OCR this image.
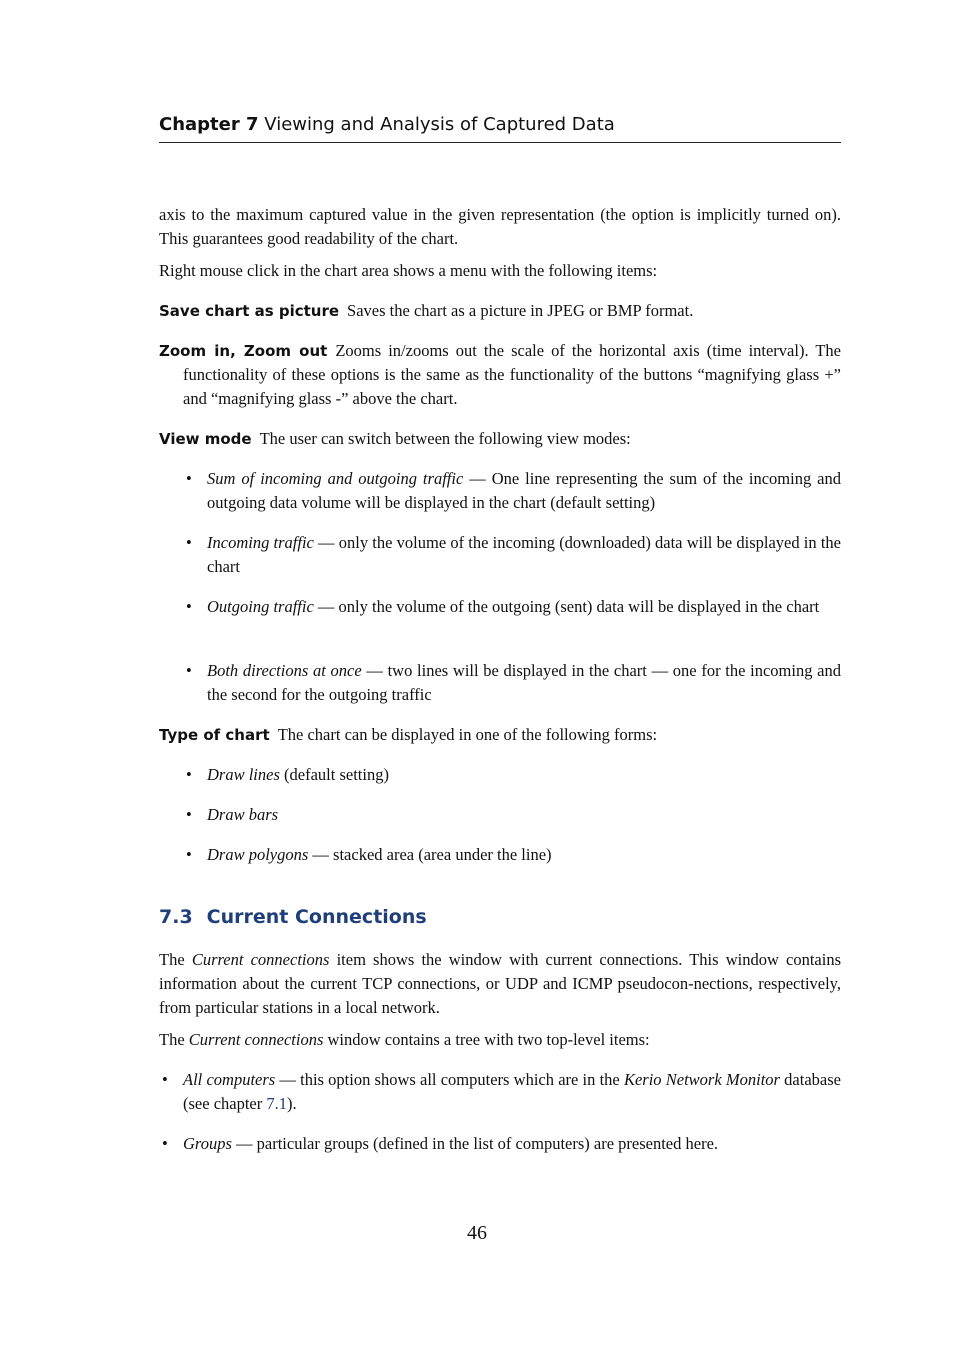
Chapter 7 Viewing and Analysis of Captured Data

axis to the maximum captured value in the given representation (the option is implicitly turned on). This guarantees good readability of the chart.

Right mouse click in the chart area shows a menu with the following items:

Save chart as picture Saves the chart as a picture in JPEG or BMP format.

Zoom in, Zoom out Zooms in/zooms out the scale of the horizontal axis (time interval). The functionality of these options is the same as the functionality of the buttons “magnifying glass +” and “magnifying glass -” above the chart.

View mode The user can switch between the following view modes:

• Sum of incoming and outgoing traffic — One line representing the sum of the incoming and outgoing data volume will be displayed in the chart (default setting)

• Incoming traffic — only the volume of the incoming (downloaded) data will be displayed in the chart

• Outgoing traffic — only the volume of the outgoing (sent) data will be displayed in the chart

• Both directions at once — two lines will be displayed in the chart — one for the incoming and the second for the outgoing traffic

Type of chart The chart can be displayed in one of the following forms:

• Draw lines (default setting)

• Draw bars

• Draw polygons — stacked area (area under the line)

7.3 Current Connections

The Current connections item shows the window with current connections. This window contains information about the current TCP connections, or UDP and ICMP pseudocon-nections, respectively, from particular stations in a local network.

The Current connections window contains a tree with two top-level items:

• All computers — this option shows all computers which are in the Kerio Network Monitor database (see chapter 7.1).

• Groups — particular groups (defined in the list of computers) are presented here.

46
